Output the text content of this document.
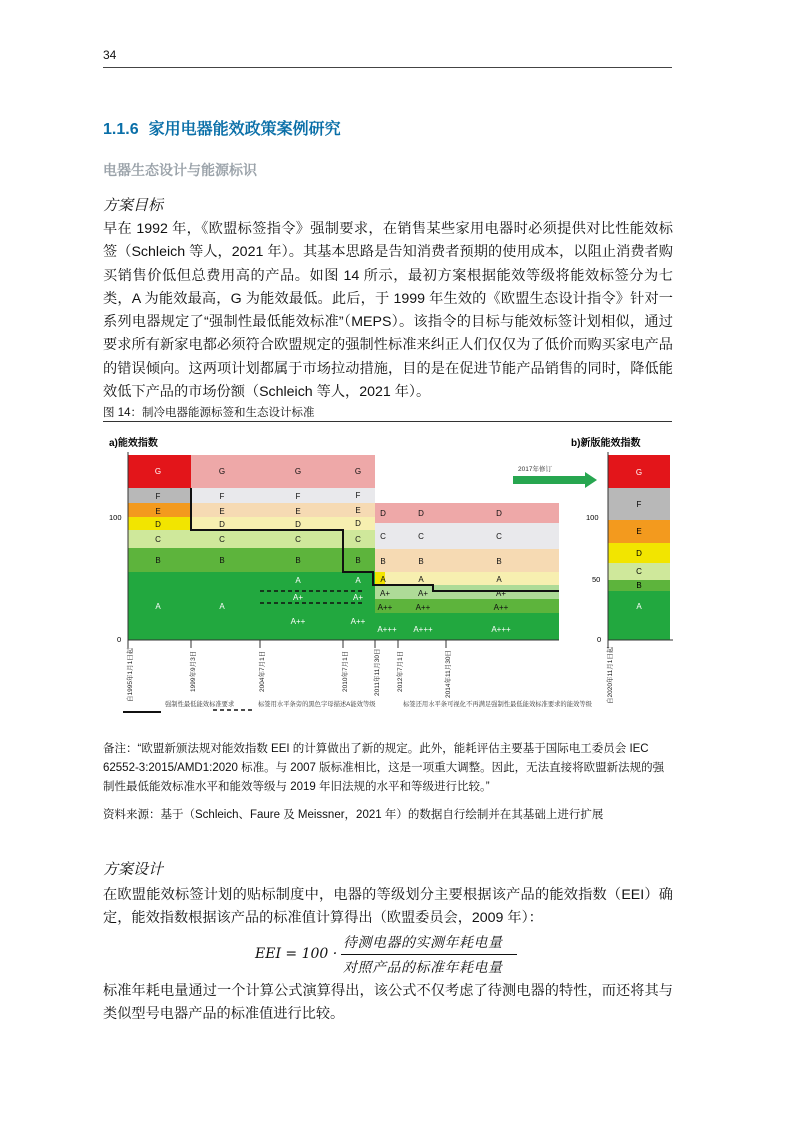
34
1.1.6 家用电器能效政策案例研究
电器生态设计与能源标识
方案目标
早在 1992 年，《欧盟标签指令》强制要求，在销售某些家用电器时必须提供对比性能效标签（Schleich 等人，2021 年）。其基本思路是告知消费者预期的使用成本，以阻止消费者购买销售价低但总费用高的产品。如图 14 所示，最初方案根据能效等级将能效标签分为七类，A 为能效最高，G 为能效最低。此后，于 1999 年生效的《欧盟生态设计指令》针对一系列电器规定了“强制性最低能效标准”（MEPS）。该指令的目标与能效标签计划相似，通过要求所有新家电都必须符合欧盟规定的强制性标准来纠正人们仅仅为了低价而购买家电产品的错误倾向。这两项计划都属于市场拉动措施，目的是在促进节能产品销售的同时，降低能效低下产品的市场份额（Schleich 等人，2021 年）。
图 14：制冷电器能源标签和生态设计标准
a)能效指数	b)新版能效指数
100
0
G
F
E
D
C
B
A
G
F
E
D
C
B
A
G
F
E
D
C
B
A
A+
A++
G
F
E
D
C
B
A
A+
A++
D
C
B
A
A+
A++
A+++
D
C
B
A
A+
A++
A+++
D
C
B
A
A+
A++
A+++
自1995年1月1日起	1999年9月3日	2004年7月1日	2010年7月1日	2011年11月30日	2012年7月1日	2014年11月30日
2017年修订	G
F
E
D
C
B
A
100
50
0
自2020年11月1日起
强制性最低能效标准要求	标签用水平条旁的黑色字母描述A能效等级	标签还用水平条可视化不再满足强制性最低能效标准要求的能效等级
备注：“欧盟新颁法规对能效指数 EEI 的计算做出了新的规定。此外，能耗评估主要基于国际电工委员会 IEC 62552-3:2015/AMD1:2020 标准。与 2007 版标准相比，这是一项重大调整。因此，无法直接将欧盟新法规的强制性最低能效标准水平和能效等级与 2019 年旧法规的水平和等级进行比较。”
资料来源：基于（Schleich、Faure 及 Meissner，2021 年）的数据自行绘制并在其基础上进行扩展
方案设计
在欧盟能效标签计划的贴标制度中，电器的等级划分主要根据该产品的能效指数（EEI）确定，能效指数根据该产品的标准值计算得出（欧盟委员会，2009 年）：
EEI = 100 ·
待测电器的实测年耗电量
对照产品的标准年耗电量
标准年耗电量通过一个计算公式演算得出，该公式不仅考虑了待测电器的特性，而还将其与类似型号电器产品的标准值进行比较。
